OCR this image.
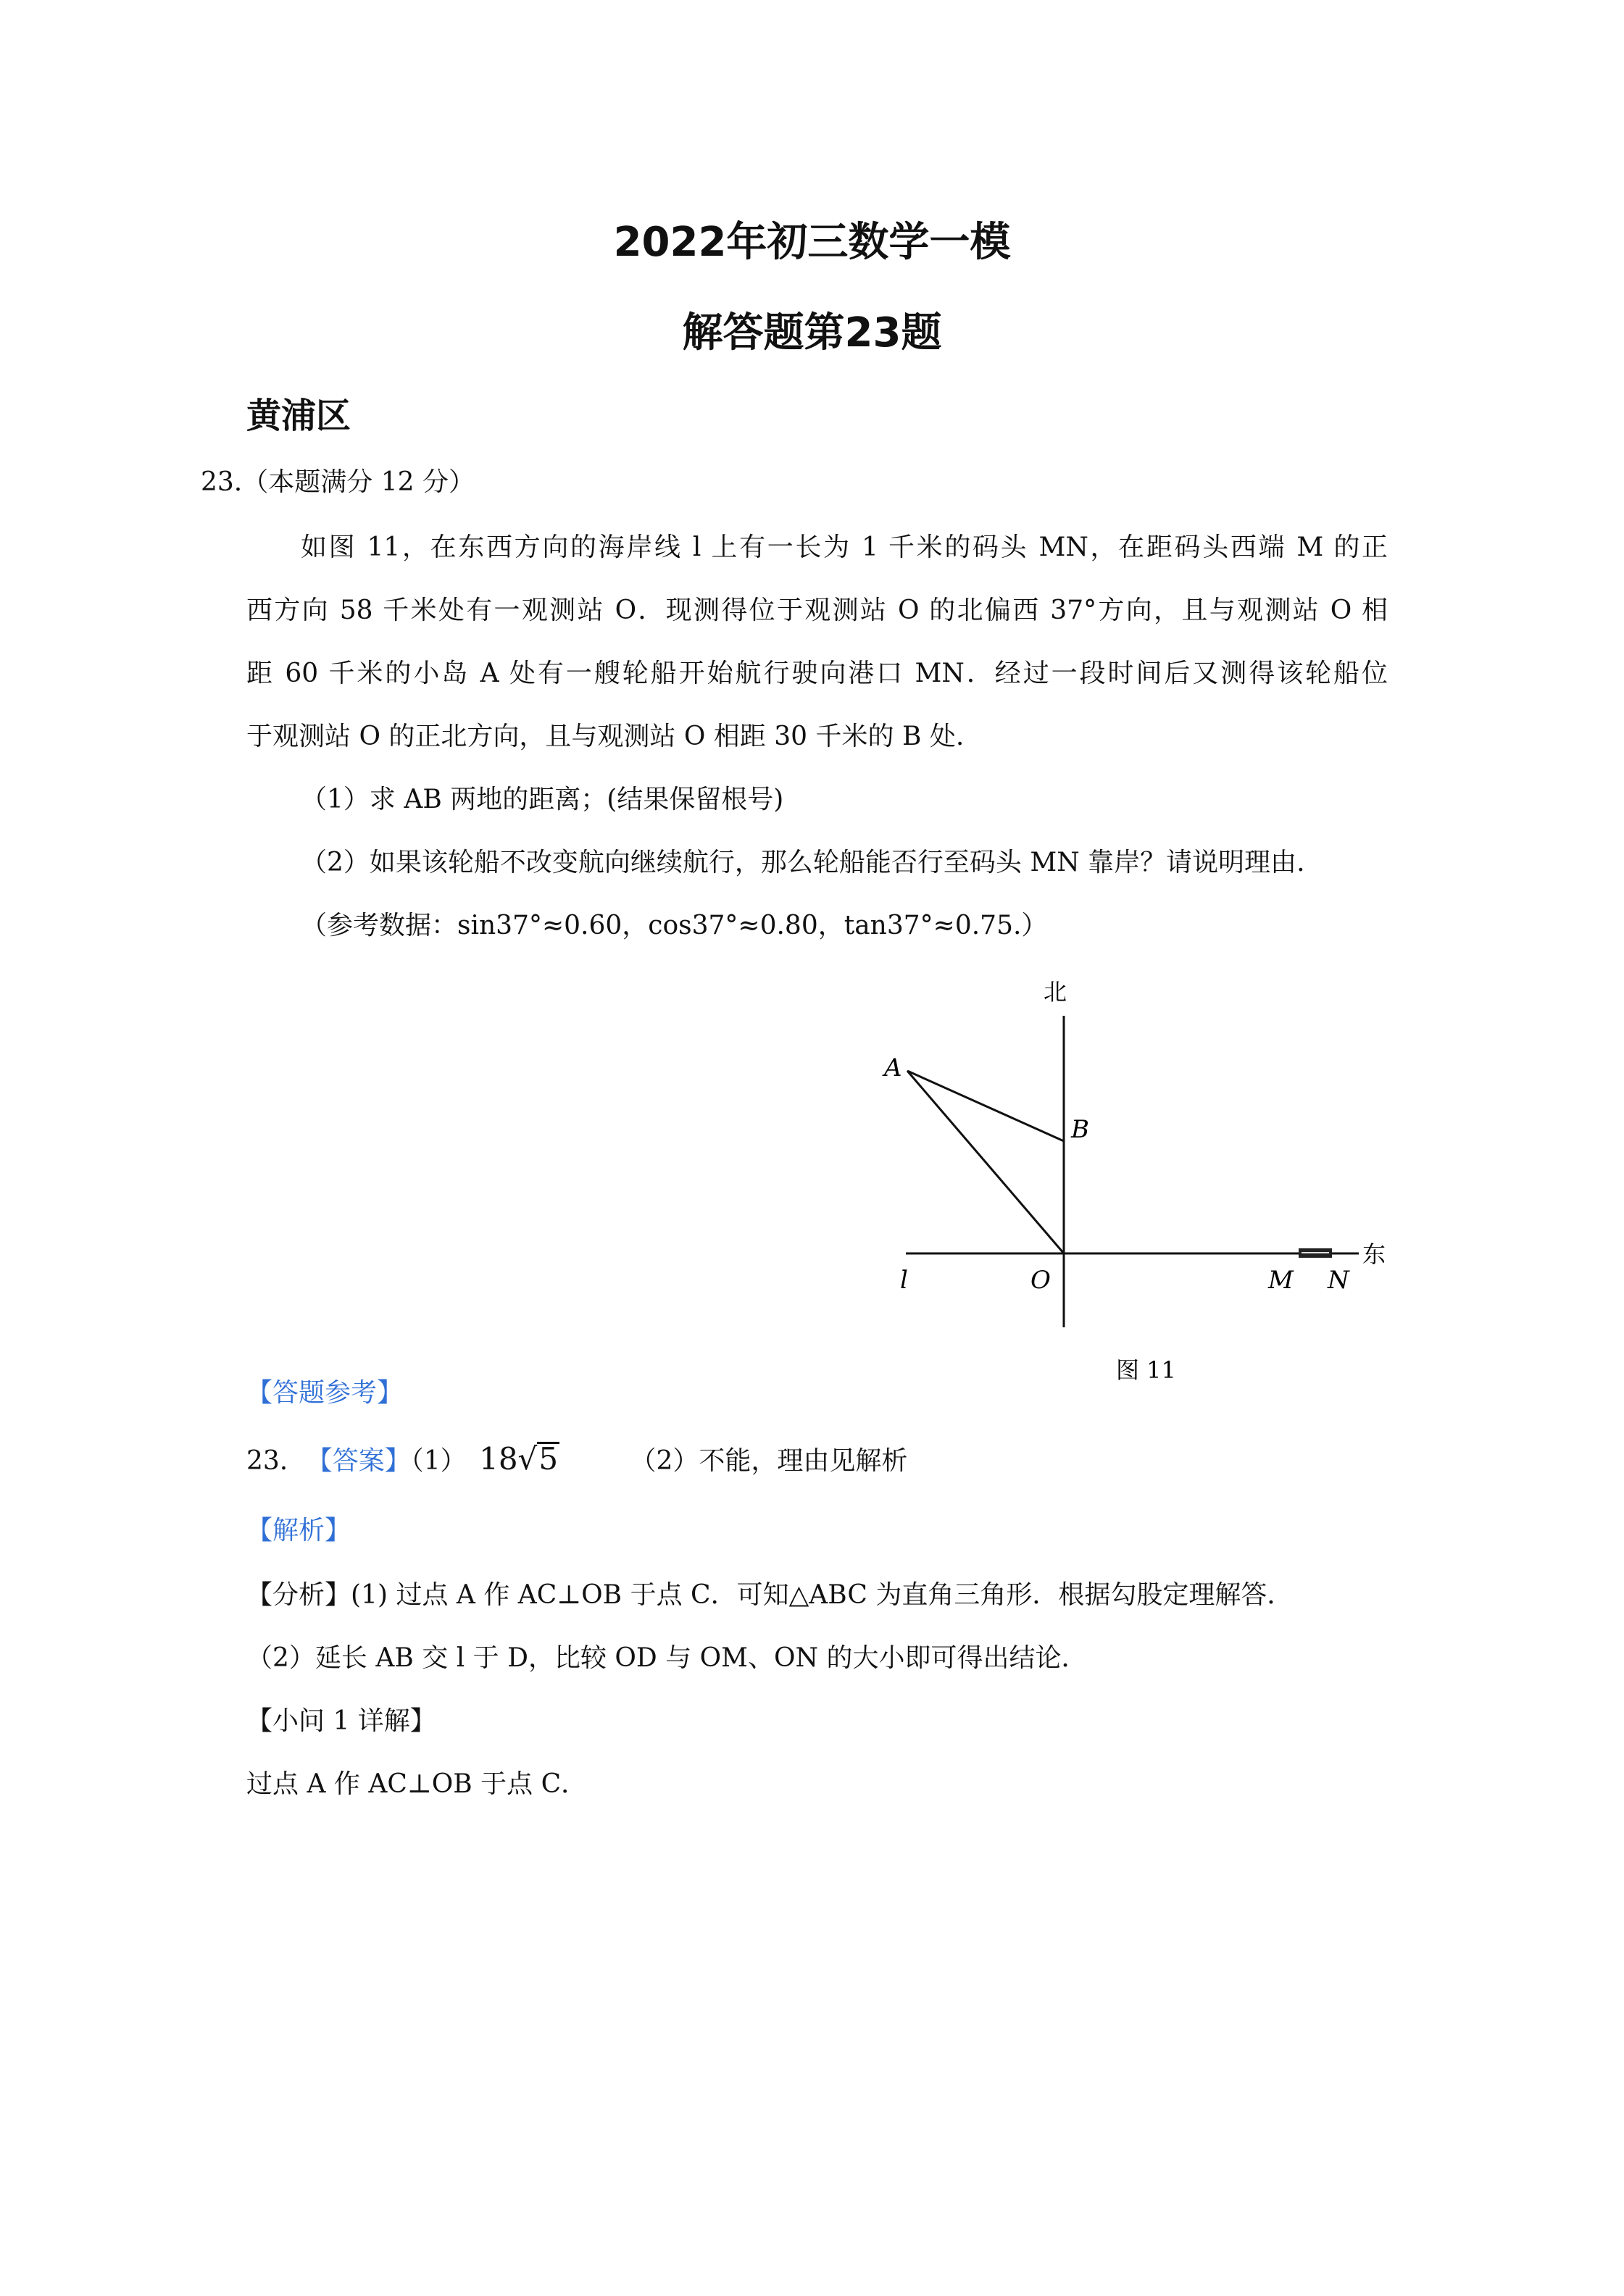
2022年初三数学一模
解答题第23题
黄浦区

23.（本题满分 12 分）

如图 11，在东西方向的海岸线 l 上有一长为 1 千米的码头 MN，在距码头西端 M 的正

西方向 58 千米处有一观测站 O．现测得位于观测站 O 的北偏西 37°方向，且与观测站 O 相

距 60 千米的小岛 A 处有一艘轮船开始航行驶向港口 MN．经过一段时间后又测得该轮船位

于观测站 O 的正北方向，且与观测站 O 相距 30 千米的 B 处.

（1）求 AB 两地的距离；(结果保留根号)

（2）如果该轮船不改变航向继续航行，那么轮船能否行至码头 MN 靠岸？请说明理由.

（参考数据：sin37°≈0.60，cos37°≈0.80，tan37°≈0.75.）

北
东
A
B
O
l	M N
图 11

【答题参考】

23. 【答案】（1） 18√5	（2）不能，理由见解析

【解析】

【分析】(1) 过点 A 作 AC⊥OB 于点 C．可知△ABC 为直角三角形．根据勾股定理解答．

（2）延长 AB 交 l 于 D，比较 OD 与 OM、ON 的大小即可得出结论．

【小问 1 详解】

过点 A 作 AC⊥OB 于点 C．
